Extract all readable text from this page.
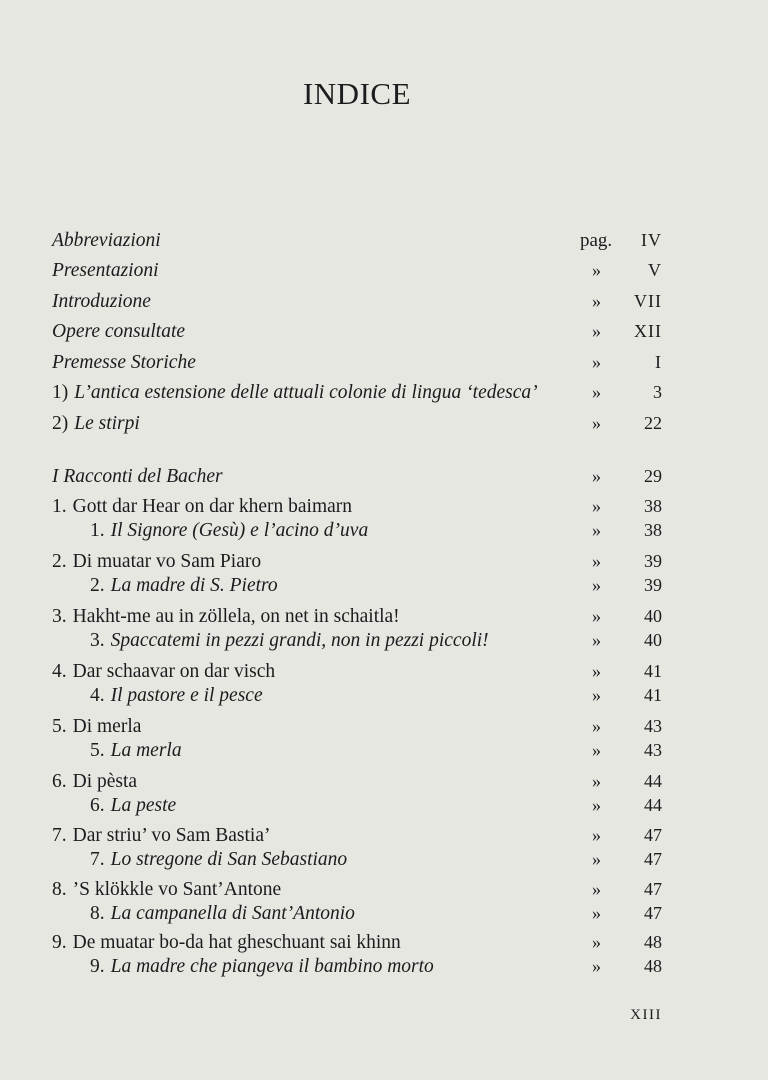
INDICE
Abbreviazioni	pag. IV
Presentazioni	»	V
Introduzione	» VII
Opere consultate	» XII
Premesse Storiche	»	I
1) L’antica estensione delle attuali colonie di lingua ‘tedesca’	»	3
2) Le stirpi	» 22
I Racconti del Bacher	» 29
1. Gott dar Hear on dar khern baimarn	» 38
1. Il Signore (Gesù) e l’acino d’uva	» 38
2. Di muatar vo Sam Piaro	» 39
2. La madre di S. Pietro	» 39
3. Hakht-me au in zöllela, on net in schaitla!	» 40
3. Spaccatemi in pezzi grandi, non in pezzi piccoli!	» 40
4. Dar schaavar on dar visch	» 41
4. Il pastore e il pesce	» 41
5. Di merla	» 43
5. La merla	» 43
6. Di pèsta	» 44
6. La peste	» 44
7. Dar striu’ vo Sam Bastia’	» 47
7. Lo stregone di San Sebastiano	» 47
8. ’S klökkle vo Sant’Antone	» 47
8. La campanella di Sant’Antonio	» 47
9. De muatar bo-da hat gheschuant sai khinn	» 48
9. La madre che piangeva il bambino morto	» 48
XIII
